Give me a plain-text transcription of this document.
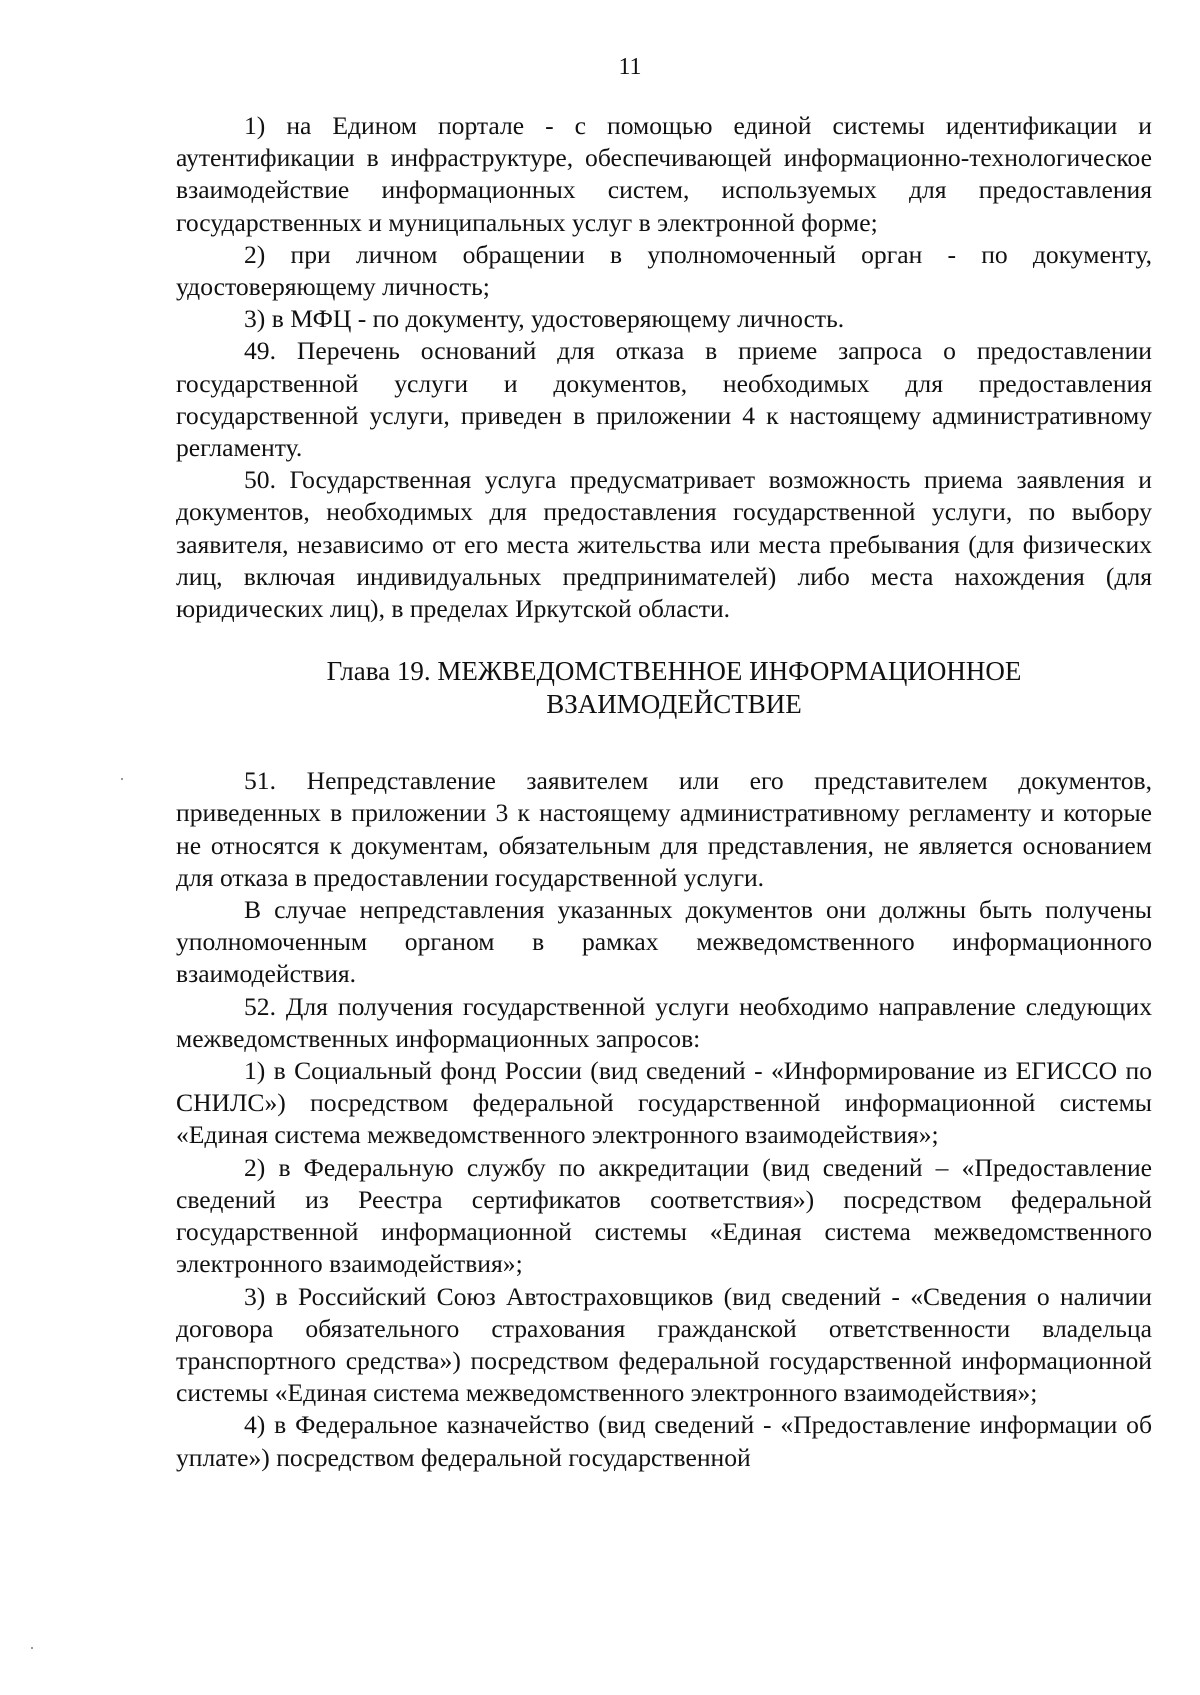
11

1) на Едином портале - с помощью единой системы идентификации и аутентификации в инфраструктуре, обеспечивающей информационно-технологическое взаимодействие информационных систем, используемых для предоставления государственных и муниципальных услуг в электронной форме;

2) при личном обращении в уполномоченный орган - по документу, удостоверяющему личность;

3) в МФЦ - по документу, удостоверяющему личность.

49. Перечень оснований для отказа в приеме запроса о предоставлении государственной услуги и документов, необходимых для предоставления государственной услуги, приведен в приложении 4 к настоящему административному регламенту.

50. Государственная услуга предусматривает возможность приема заявления и документов, необходимых для предоставления государственной услуги, по выбору заявителя, независимо от его места жительства или места пребывания (для физических лиц, включая индивидуальных предпринимателей) либо места нахождения (для юридических лиц), в пределах Иркутской области.

Глава 19. МЕЖВЕДОМСТВЕННОЕ ИНФОРМАЦИОННОЕ
ВЗАИМОДЕЙСТВИЕ

51. Непредставление заявителем или его представителем документов, приведенных в приложении 3 к настоящему административному регламенту и которые не относятся к документам, обязательным для представления, не является основанием для отказа в предоставлении государственной услуги.

В случае непредставления указанных документов они должны быть получены уполномоченным органом в рамках межведомственного информационного взаимодействия.

52. Для получения государственной услуги необходимо направление следующих межведомственных информационных запросов:

1) в Социальный фонд России (вид сведений - «Информирование из ЕГИССО по СНИЛС») посредством федеральной государственной информационной системы «Единая система межведомственного электронного взаимодействия»;

2) в Федеральную службу по аккредитации (вид сведений – «Предоставление сведений из Реестра сертификатов соответствия») посредством федеральной государственной информационной системы «Единая система межведомственного электронного взаимодействия»;

3) в Российский Союз Автостраховщиков (вид сведений - «Сведения о наличии договора обязательного страхования гражданской ответственности владельца транспортного средства») посредством федеральной государственной информационной системы «Единая система межведомственного электронного взаимодействия»;

4) в Федеральное казначейство (вид сведений - «Предоставление информации об уплате») посредством федеральной государственной
